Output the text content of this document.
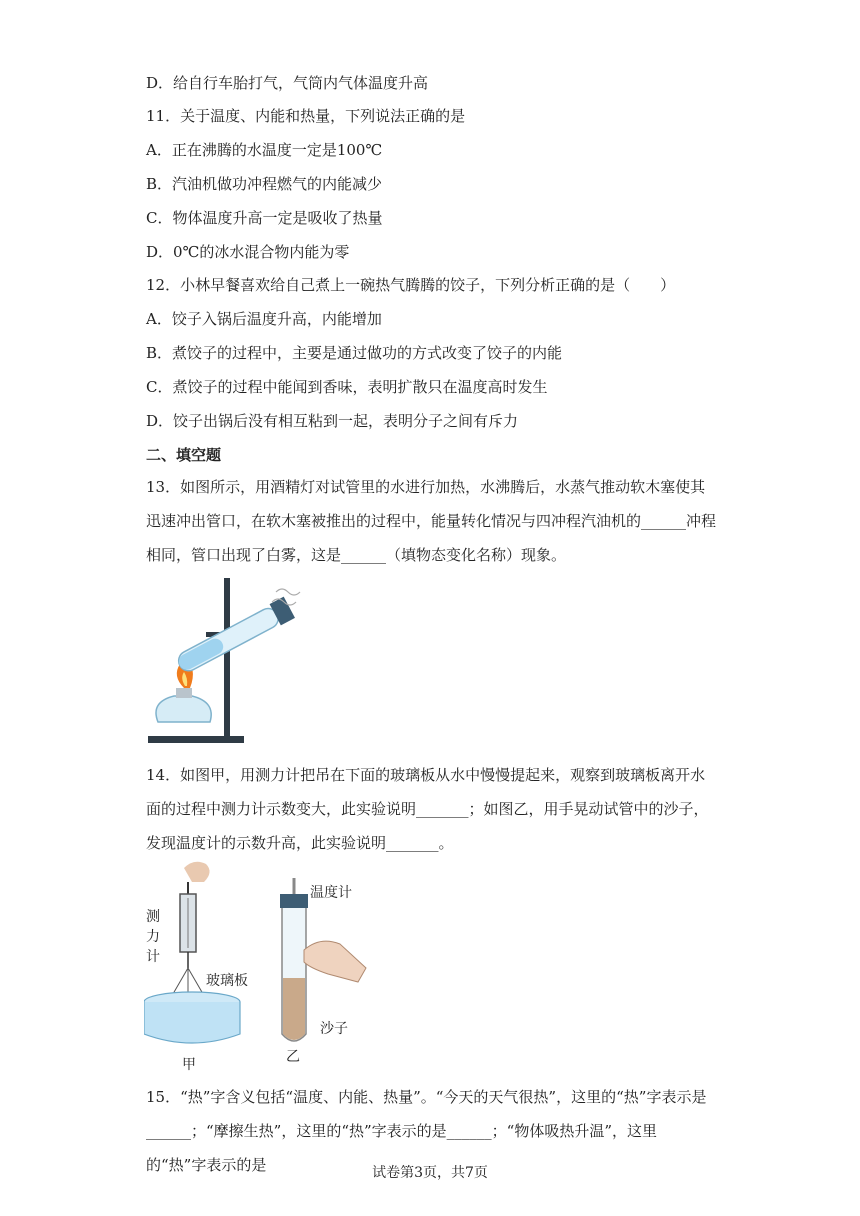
D．给自行车胎打气，气筒内气体温度升高
11．关于温度、内能和热量，下列说法正确的是
A．正在沸腾的水温度一定是100℃
B．汽油机做功冲程燃气的内能减少
C．物体温度升高一定是吸收了热量
D．0℃的冰水混合物内能为零
12．小林早餐喜欢给自己煮上一碗热气腾腾的饺子，下列分析正确的是（　　）
A．饺子入锅后温度升高，内能增加
B．煮饺子的过程中，主要是通过做功的方式改变了饺子的内能
C．煮饺子的过程中能闻到香味，表明扩散只在温度高时发生
D．饺子出锅后没有相互粘到一起，表明分子之间有斥力
二、填空题
13．如图所示，用酒精灯对试管里的水进行加热，水沸腾后，水蒸气推动软木塞使其迅速冲出管口，在软木塞被推出的过程中，能量转化情况与四冲程汽油机的______冲程相同，管口出现了白雾，这是______（填物态变化名称）现象。
14．如图甲，用测力计把吊在下面的玻璃板从水中慢慢提起来，观察到玻璃板离开水面的过程中测力计示数变大，此实验说明_______；如图乙，用手晃动试管中的沙子，发现温度计的示数升高，此实验说明_______。
测
力
计
玻璃板
甲
温度计
沙子
乙
15．“热”字含义包括“温度、内能、热量”。“今天的天气很热”，这里的“热”字表示是______；“摩擦生热”，这里的“热”字表示的是______；“物体吸热升温”，这里的“热”字表示的是	试卷第3页，共7页
